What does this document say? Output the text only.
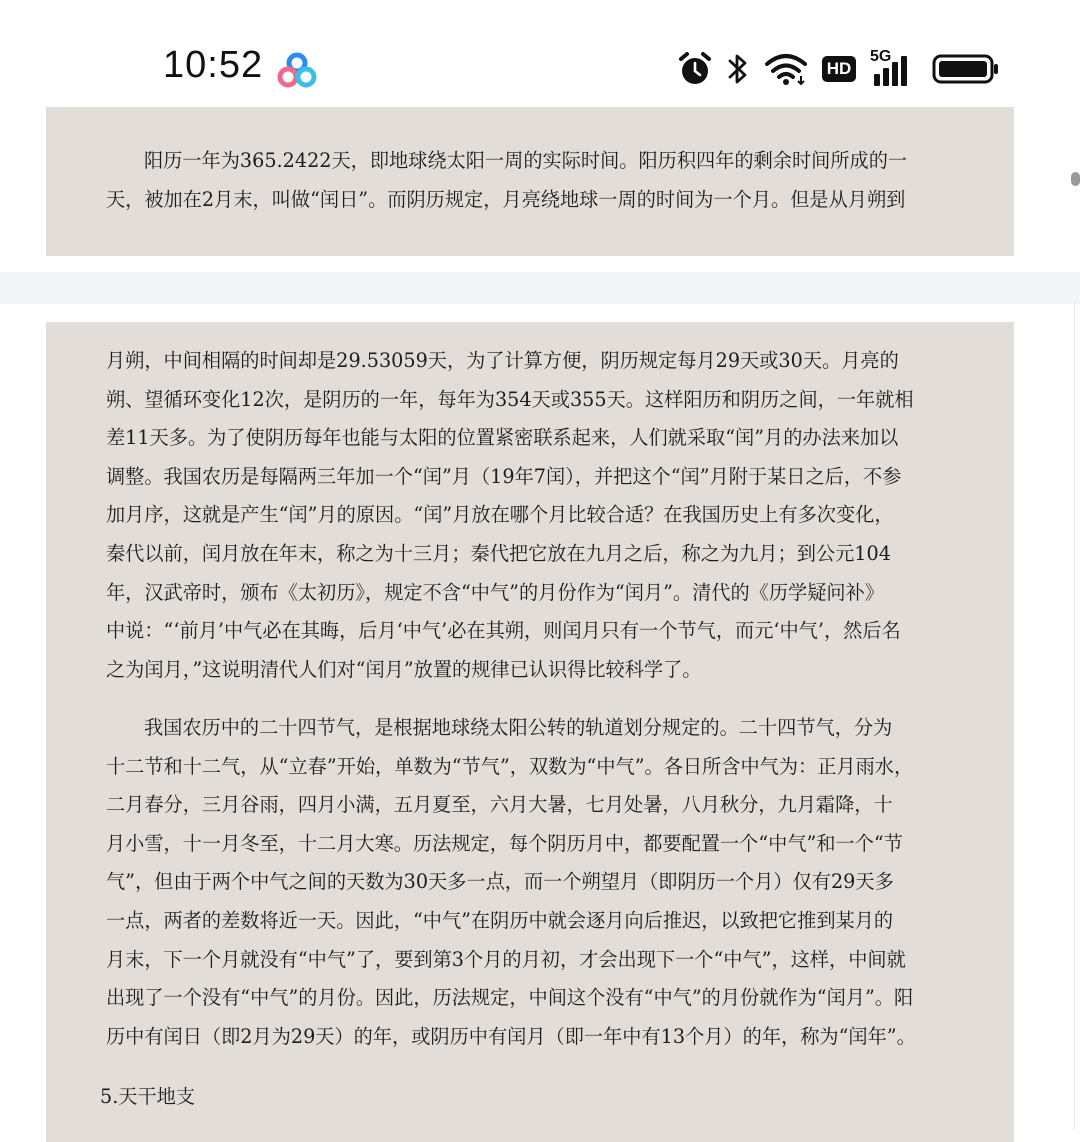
10:52	HD
5G

阳历一年为365.2422天，即地球绕太阳一周的实际时间。阳历积四年的剩余时间所成的一
天，被加在2月末，叫做“闰日”。而阴历规定，月亮绕地球一周的时间为一个月。但是从月朔到

月朔，中间相隔的时间却是29.53059天，为了计算方便，阴历规定每月29天或30天。月亮的
朔、望循环变化12次，是阴历的一年，每年为354天或355天。这样阳历和阴历之间，一年就相
差11天多。为了使阴历每年也能与太阳的位置紧密联系起来，人们就采取“闰”月的办法来加以
调整。我国农历是每隔两三年加一个“闰”月（19年7闰），并把这个“闰”月附于某日之后，不参
加月序，这就是产生“闰”月的原因。“闰”月放在哪个月比较合适？在我国历史上有多次变化，
秦代以前，闰月放在年末，称之为十三月；秦代把它放在九月之后，称之为九月；到公元104
年，汉武帝时，颁布《太初历》，规定不含“中气”的月份作为“闰月”。清代的《历学疑问补》
中说：“‘前月’中气必在其晦，后月‘中气’必在其朔，则闰月只有一个节气，而元‘中气’，然后名
之为闰月，”这说明清代人们对“闰月”放置的规律已认识得比较科学了。

我国农历中的二十四节气，是根据地球绕太阳公转的轨道划分规定的。二十四节气，分为
十二节和十二气，从“立春”开始，单数为“节气”，双数为“中气”。各日所含中气为：正月雨水，
二月春分，三月谷雨，四月小满，五月夏至，六月大暑，七月处暑，八月秋分，九月霜降，十
月小雪，十一月冬至，十二月大寒。历法规定，每个阴历月中，都要配置一个“中气”和一个“节
气”，但由于两个中气之间的天数为30天多一点，而一个朔望月（即阴历一个月）仅有29天多
一点，两者的差数将近一天。因此，“中气”在阴历中就会逐月向后推迟，以致把它推到某月的
月末，下一个月就没有“中气”了，要到第3个月的月初，才会出现下一个“中气”，这样，中间就
出现了一个没有“中气”的月份。因此，历法规定，中间这个没有“中气”的月份就作为“闰月”。阳
历中有闰日（即2月为29天）的年，或阴历中有闰月（即一年中有13个月）的年，称为“闰年”。

5.天干地支
